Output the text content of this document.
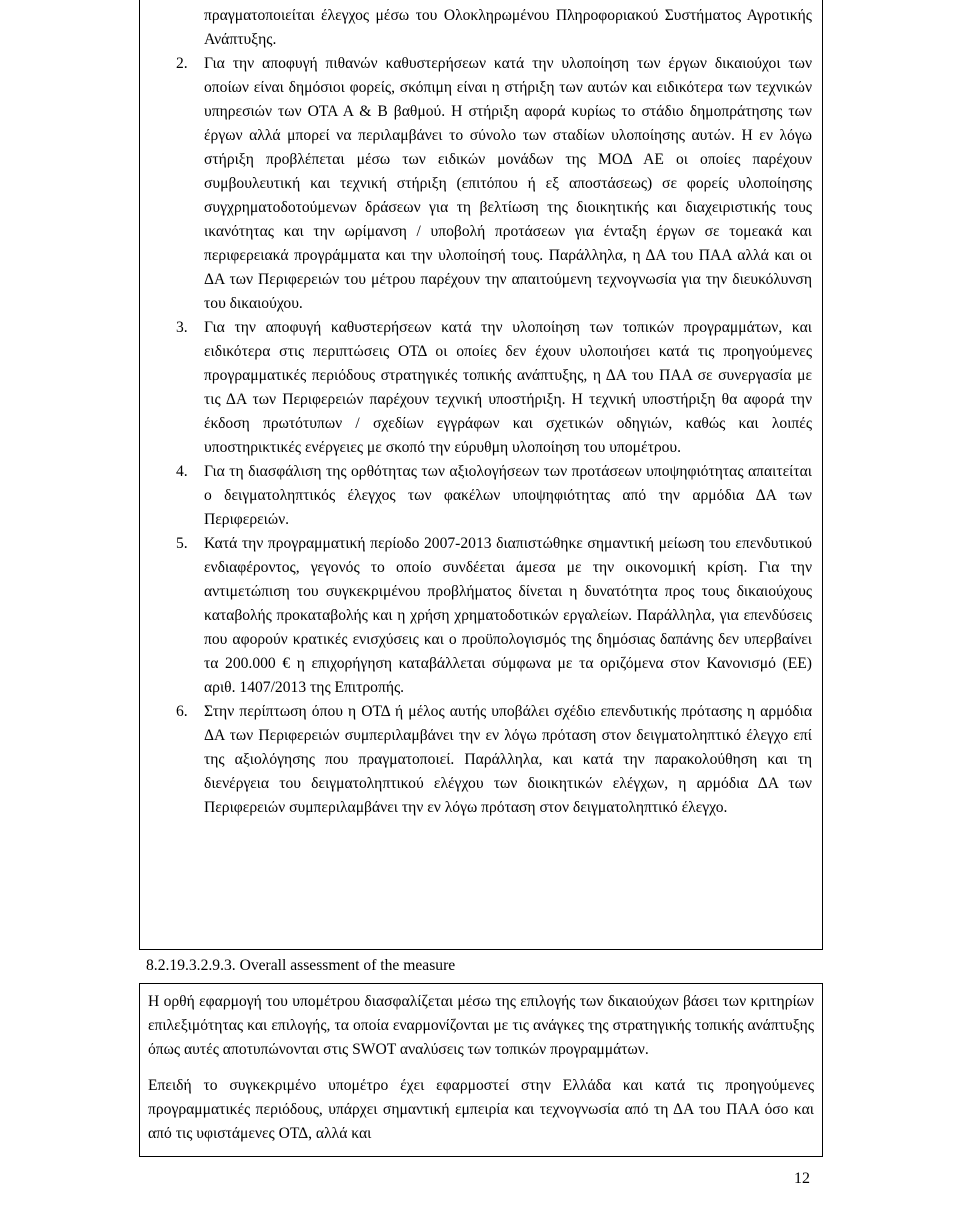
πραγματοποιείται έλεγχος μέσω του Ολοκληρωμένου Πληροφοριακού Συστήματος Αγροτικής Ανάπτυξης.

2. Για την αποφυγή πιθανών καθυστερήσεων κατά την υλοποίηση των έργων δικαιούχοι των οποίων είναι δημόσιοι φορείς, σκόπιμη είναι η στήριξη των αυτών και ειδικότερα των τεχνικών υπηρεσιών των ΟΤΑ Α & Β βαθμού. Η στήριξη αφορά κυρίως το στάδιο δημοπράτησης των έργων αλλά μπορεί να περιλαμβάνει το σύνολο των σταδίων υλοποίησης αυτών. Η εν λόγω στήριξη προβλέπεται μέσω των ειδικών μονάδων της ΜΟΔ ΑΕ οι οποίες παρέχουν συμβουλευτική και τεχνική στήριξη (επιτόπου ή εξ αποστάσεως) σε φορείς υλοποίησης συγχρηματοδοτούμενων δράσεων για τη βελτίωση της διοικητικής και διαχειριστικής τους ικανότητας και την ωρίμανση / υποβολή προτάσεων για ένταξη έργων σε τομεακά και περιφερειακά προγράμματα και την υλοποίησή τους. Παράλληλα, η ΔΑ του ΠΑΑ αλλά και οι ΔΑ των Περιφερειών του μέτρου παρέχουν την απαιτούμενη τεχνογνωσία για την διευκόλυνση του δικαιούχου.
3. Για την αποφυγή καθυστερήσεων κατά την υλοποίηση των τοπικών προγραμμάτων, και ειδικότερα στις περιπτώσεις ΟΤΔ οι οποίες δεν έχουν υλοποιήσει κατά τις προηγούμενες προγραμματικές περιόδους στρατηγικές τοπικής ανάπτυξης, η ΔΑ του ΠΑΑ σε συνεργασία με τις ΔΑ των Περιφερειών παρέχουν τεχνική υποστήριξη. Η τεχνική υποστήριξη θα αφορά την έκδοση πρωτότυπων / σχεδίων εγγράφων και σχετικών οδηγιών, καθώς και λοιπές υποστηρικτικές ενέργειες με σκοπό την εύρυθμη υλοποίηση του υπομέτρου.
4. Για τη διασφάλιση της ορθότητας των αξιολογήσεων των προτάσεων υποψηφιότητας απαιτείται ο δειγματοληπτικός έλεγχος των φακέλων υποψηφιότητας από την αρμόδια ΔΑ των Περιφερειών.
5. Κατά την προγραμματική περίοδο 2007-2013 διαπιστώθηκε σημαντική μείωση του επενδυτικού ενδιαφέροντος, γεγονός το οποίο συνδέεται άμεσα με την οικονομική κρίση. Για την αντιμετώπιση του συγκεκριμένου προβλήματος δίνεται η δυνατότητα προς τους δικαιούχους καταβολής προκαταβολής και η χρήση χρηματοδοτικών εργαλείων. Παράλληλα, για επενδύσεις που αφορούν κρατικές ενισχύσεις και ο προϋπολογισμός της δημόσιας δαπάνης δεν υπερβαίνει τα 200.000 € η επιχορήγηση καταβάλλεται σύμφωνα με τα οριζόμενα στον Κανονισμό (ΕΕ) αριθ. 1407/2013 της Επιτροπής.
6. Στην περίπτωση όπου η ΟΤΔ ή μέλος αυτής υποβάλει σχέδιο επενδυτικής πρότασης η αρμόδια ΔΑ των Περιφερειών συμπεριλαμβάνει την εν λόγω πρόταση στον δειγματοληπτικό έλεγχο επί της αξιολόγησης που πραγματοποιεί. Παράλληλα, και κατά την παρακολούθηση και τη διενέργεια του δειγματοληπτικού ελέγχου των διοικητικών ελέγχων, η αρμόδια ΔΑ των Περιφερειών συμπεριλαμβάνει την εν λόγω πρόταση στον δειγματοληπτικό έλεγχο.
8.2.19.3.2.9.3. Overall assessment of the measure

Η ορθή εφαρμογή του υπομέτρου διασφαλίζεται μέσω της επιλογής των δικαιούχων βάσει των κριτηρίων επιλεξιμότητας και επιλογής, τα οποία εναρμονίζονται με τις ανάγκες της στρατηγικής τοπικής ανάπτυξης όπως αυτές αποτυπώνονται στις SWOT αναλύσεις των τοπικών προγραμμάτων.

Επειδή το συγκεκριμένο υπομέτρο έχει εφαρμοστεί στην Ελλάδα και κατά τις προηγούμενες προγραμματικές περιόδους, υπάρχει σημαντική εμπειρία και τεχνογνωσία από τη ΔΑ του ΠΑΑ όσο και από τις υφιστάμενες ΟΤΔ, αλλά και

12
